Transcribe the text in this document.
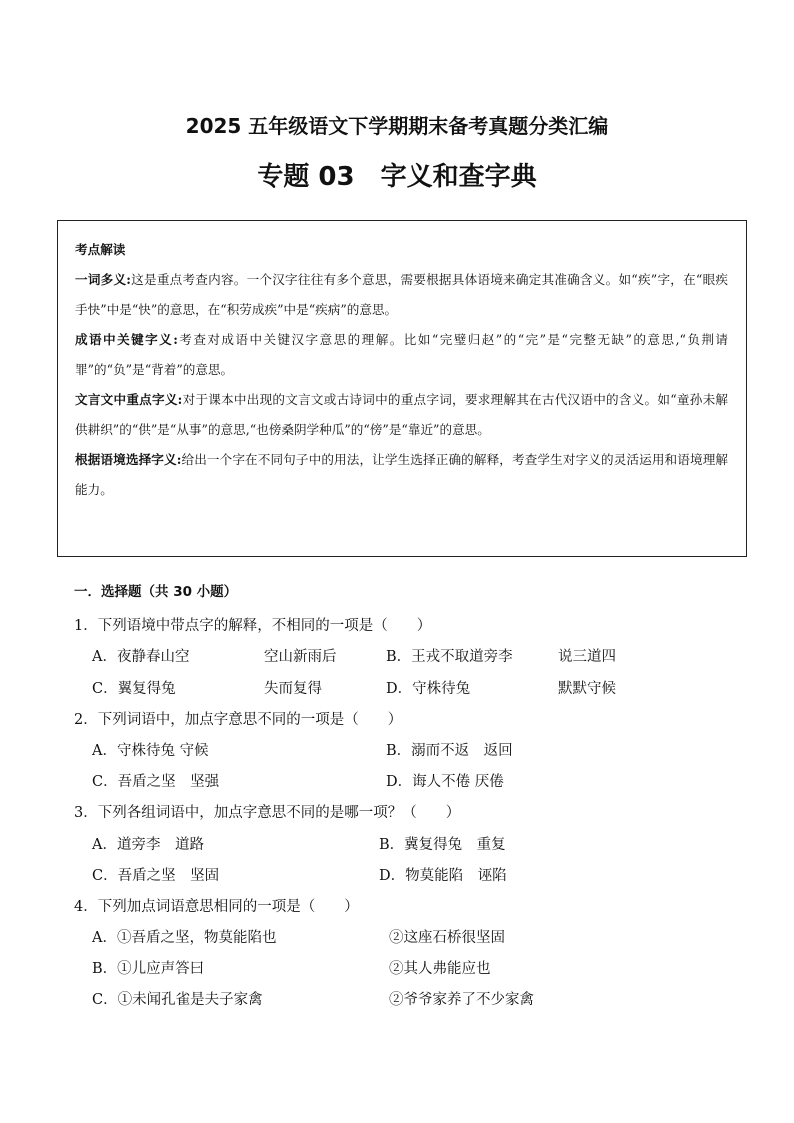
2025 五年级语文下学期期末备考真题分类汇编
专题 03　字义和查字典

考点解读

一词多义:这是重点考查内容。一个汉字往往有多个意思，需要根据具体语境来确定其准确含义。如“疾”字，在“眼疾手快”中是“快”的意思，在“积劳成疾”中是“疾病”的意思。

成语中关键字义:考查对成语中关键汉字意思的理解。比如“完璧归赵”的“完”是“完整无缺”的意思,“负荆请罪”的“负”是“背着”的意思。

文言文中重点字义:对于课本中出现的文言文或古诗词中的重点字词，要求理解其在古代汉语中的含义。如“童孙未解供耕织”的“供”是“从事”的意思,“也傍桑阴学种瓜”的“傍”是“靠近”的意思。

根据语境选择字义:给出一个字在不同句子中的用法，让学生选择正确的解释，考查学生对字义的灵活运用和语境理解能力。

一．选择题（共 30 小题）
1．下列语境中带点字的解释，不相同的一项是（　　）
A．夜静春山空	空山新雨后	B．王戎不取道旁李	说三道四
C．翼复得兔	失而复得	D．守株待兔	默默守候
2．下列词语中，加点字意思不同的一项是（　　）
A．守株待兔 守候	B．溺而不返　返回
C．吾盾之坚　坚强	D．诲人不倦 厌倦
3．下列各组词语中，加点字意思不同的是哪一项？（　　）
A．道旁李　道路	B．冀复得兔　重复
C．吾盾之坚　坚固	D．物莫能陷　诬陷
4．下列加点词语意思相同的一项是（　　）
A．①吾盾之坚，物莫能陷也	②这座石桥很坚固
B．①儿应声答曰	②其人弗能应也
C．①未闻孔雀是夫子家禽	②爷爷家养了不少家禽
